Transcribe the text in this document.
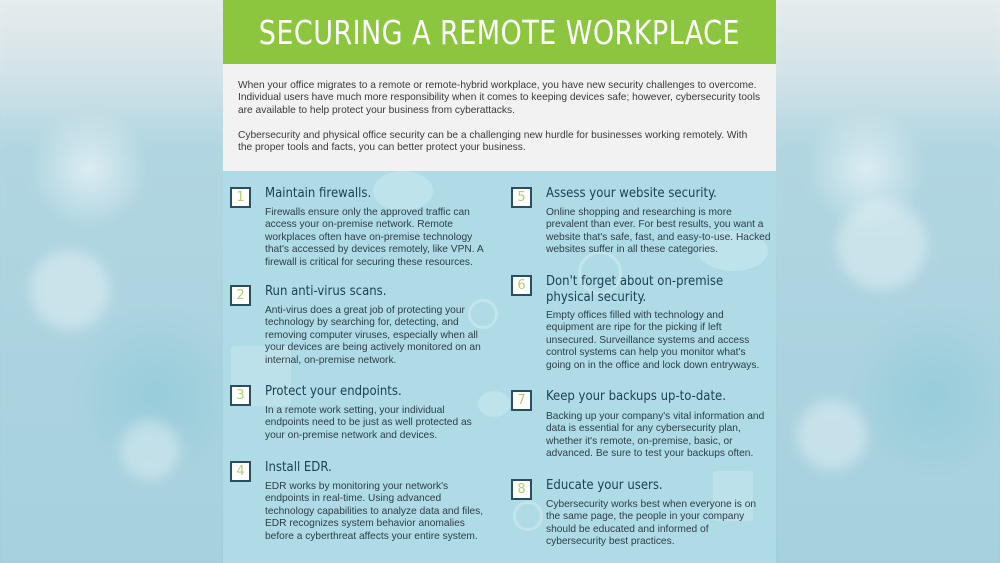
SECURING A REMOTE WORKPLACE

When your office migrates to a remote or remote-hybrid workplace, you have new security challenges to overcome. Individual users have much more responsibility when it comes to keeping devices safe; however, cybersecurity tools are available to help protect your business from cyberattacks.

Cybersecurity and physical office security can be a challenging new hurdle for businesses working remotely. With the proper tools and facts, you can better protect your business.

1	Maintain firewalls.
Firewalls ensure only the approved traffic can access your on-premise network. Remote workplaces often have on-premise technology that's accessed by devices remotely, like VPN. A firewall is critical for securing these resources.
2	Run anti-virus scans.
Anti-virus does a great job of protecting your technology by searching for, detecting, and removing computer viruses, especially when all your devices are being actively monitored on an internal, on-premise network.
3	Protect your endpoints.
In a remote work setting, your individual endpoints need to be just as well protected as your on-premise network and devices.
4	Install EDR.
EDR works by monitoring your network's endpoints in real-time. Using advanced technology capabilities to analyze data and files, EDR recognizes system behavior anomalies before a cyberthreat affects your entire system.
5	Assess your website security.
Online shopping and researching is more prevalent than ever. For best results, you want a website that's safe, fast, and easy-to-use. Hacked websites suffer in all these categories.
6	Don't forget about on-premise physical security.
Empty offices filled with technology and equipment are ripe for the picking if left unsecured. Surveillance systems and access control systems can help you monitor what's going on in the office and lock down entryways.
7	Keep your backups up-to-date.
Backing up your company's vital information and data is essential for any cybersecurity plan, whether it's remote, on-premise, basic, or advanced. Be sure to test your backups often.
8	Educate your users.
Cybersecurity works best when everyone is on the same page, the people in your company should be educated and informed of cybersecurity best practices.
